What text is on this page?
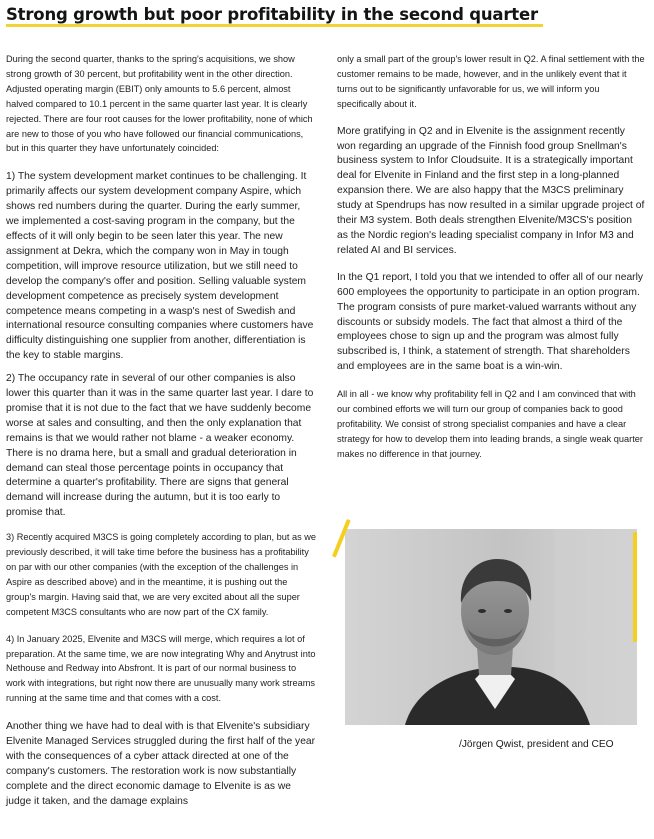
Strong growth but poor profitability in the second quarter

During the second quarter, thanks to the spring's acquisitions, we show strong growth of 30 percent, but profitability went in the other direction. Adjusted operating margin (EBIT) only amounts to 5.6 percent, almost halved compared to 10.1 percent in the same quarter last year. It is clearly rejected. There are four root causes for the lower profitability, none of which are new to those of you who have followed our financial communications, but in this quarter they have unfortunately coincided:

1) The system development market continues to be challenging. It primarily affects our system development company Aspire, which shows red numbers during the quarter. During the early summer, we implemented a cost-saving program in the company, but the effects of it will only begin to be seen later this year. The new assignment at Dekra, which the company won in May in tough competition, will improve resource utilization, but we still need to develop the company's offer and position. Selling valuable system development competence as precisely system development competence means competing in a wasp's nest of Swedish and international resource consulting companies where customers have difficulty distinguishing one supplier from another, differentiation is the key to stable margins.

2) The occupancy rate in several of our other companies is also lower this quarter than it was in the same quarter last year. I dare to promise that it is not due to the fact that we have suddenly become worse at sales and consulting, and then the only explanation that remains is that we would rather not blame - a weaker economy. There is no drama here, but a small and gradual deterioration in demand can steal those percentage points in occupancy that determine a quarter's profitability. There are signs that general demand will increase during the autumn, but it is too early to promise that.

3) Recently acquired M3CS is going completely according to plan, but as we previously described, it will take time before the business has a profitability on par with our other companies (with the exception of the challenges in Aspire as described above) and in the meantime, it is pushing out the group's margin. Having said that, we are very excited about all the super competent M3CS consultants who are now part of the CX family.

4) In January 2025, Elvenite and M3CS will merge, which requires a lot of preparation. At the same time, we are now integrating Why and Anytrust into Nethouse and Redway into Absfront. It is part of our normal business to work with integrations, but right now there are unusually many work streams running at the same time and that comes with a cost.

Another thing we have had to deal with is that Elvenite's subsidiary Elvenite Managed Services struggled during the first half of the year with the consequences of a cyber attack directed at one of the company's customers. The restoration work is now substantially complete and the direct economic damage to Elvenite is as we judge it taken, and the damage explains

only a small part of the group's lower result in Q2. A final settlement with the customer remains to be made, however, and in the unlikely event that it turns out to be significantly unfavorable for us, we will inform you specifically about it.

More gratifying in Q2 and in Elvenite is the assignment recently won regarding an upgrade of the Finnish food group Snellman's business system to Infor Cloudsuite. It is a strategically important deal for Elvenite in Finland and the first step in a long-planned expansion there. We are also happy that the M3CS preliminary study at Spendrups has now resulted in a similar upgrade project of their M3 system. Both deals strengthen Elvenite/M3CS's position as the Nordic region's leading specialist company in Infor M3 and related AI and BI services.

In the Q1 report, I told you that we intended to offer all of our nearly 600 employees the opportunity to participate in an option program. The program consists of pure market-valued warrants without any discounts or subsidy models. The fact that almost a third of the employees chose to sign up and the program was almost fully subscribed is, I think, a statement of strength. That shareholders and employees are in the same boat is a win-win.

All in all - we know why profitability fell in Q2 and I am convinced that with our combined efforts we will turn our group of companies back to good profitability. We consist of strong specialist companies and have a clear strategy for how to develop them into leading brands, a single weak quarter makes no difference in that journey.

/Jörgen Qwist, president and CEO
